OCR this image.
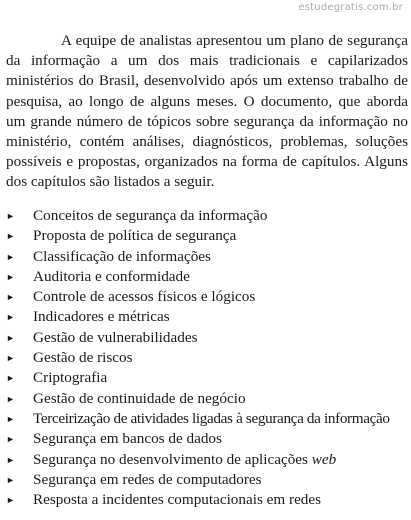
estudegratis.com.br

A equipe de analistas apresentou um plano de segurança da informação a um dos mais tradicionais e capilarizados ministérios do Brasil, desenvolvido após um extenso trabalho de pesquisa, ao longo de alguns meses. O documento, que aborda um grande número de tópicos sobre segurança da informação no ministério, contém análises, diagnósticos, problemas, soluções possíveis e propostas, organizados na forma de capítulos. Alguns dos capítulos são listados a seguir.

► Conceitos de segurança da informação
► Proposta de política de segurança
► Classificação de informações
► Auditoria e conformidade
► Controle de acessos físicos e lógicos
► Indicadores e métricas
► Gestão de vulnerabilidades
► Gestão de riscos
► Criptografia
► Gestão de continuidade de negócio
► Terceirização de atividades ligadas à segurança da informação
► Segurança em bancos de dados
► Segurança no desenvolvimento de aplicações web
► Segurança em redes de computadores
► Resposta a incidentes computacionais em redes
